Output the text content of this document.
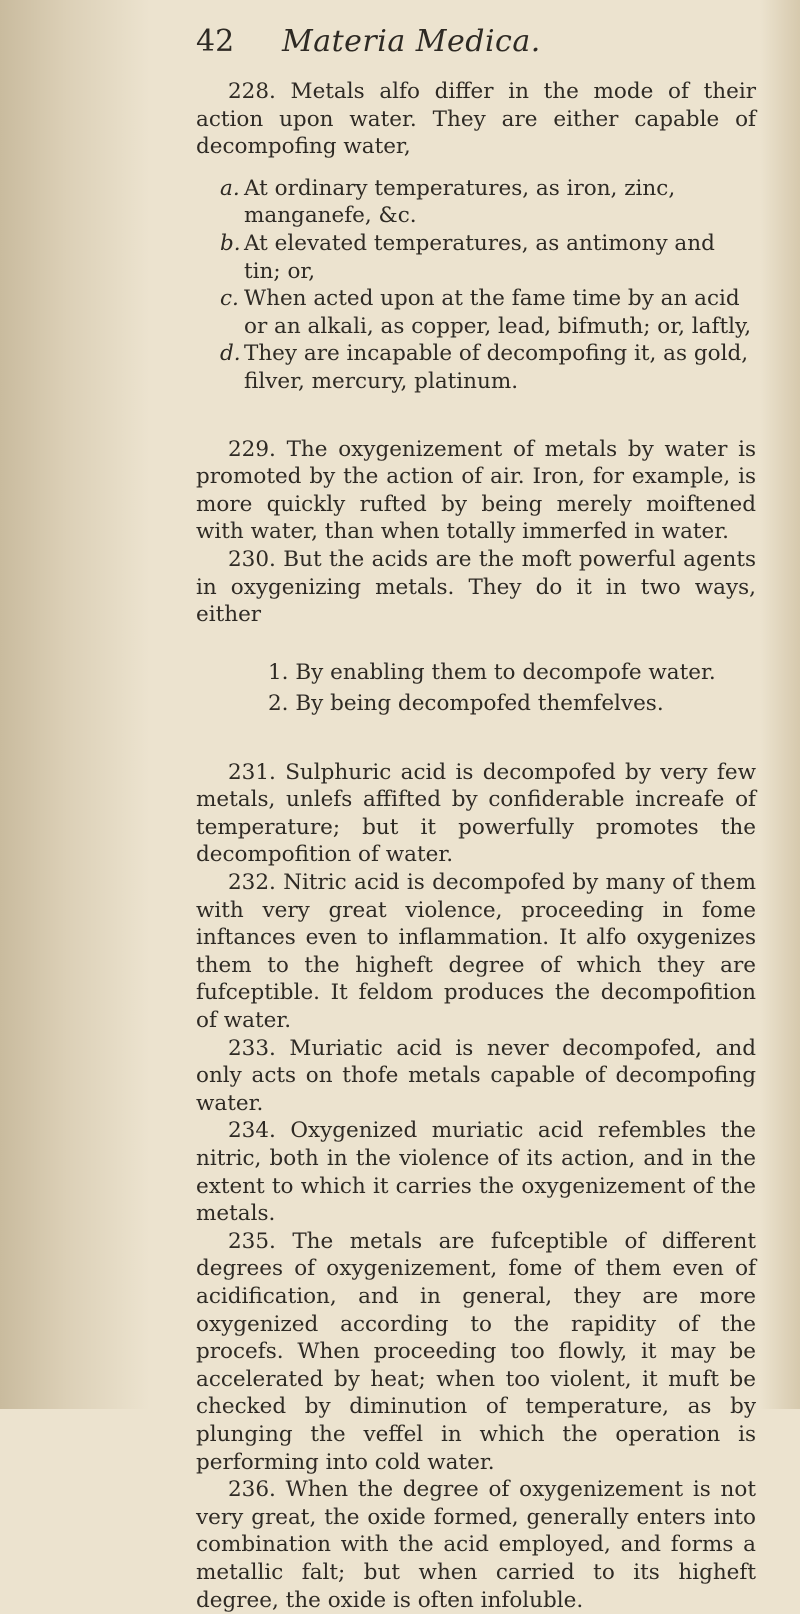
42	Materia Medica.

228. Metals alfo differ in the mode of their action upon water. They are either capable of decompofing water,

a. At ordinary temperatures, as iron, zinc, manganefe, &c.
b. At elevated temperatures, as antimony and tin; or,
c. When acted upon at the fame time by an acid or an alkali, as copper, lead, bifmuth; or, laftly,
d. They are incapable of decompofing it, as gold, filver, mercury, platinum.

229. The oxygenizement of metals by water is promoted by the action of air. Iron, for example, is more quickly rufted by being merely moiftened with water, than when totally immerfed in water.

230. But the acids are the moft powerful agents in oxygenizing metals. They do it in two ways, either

1. By enabling them to decompofe water.
2. By being decompofed themfelves.

231. Sulphuric acid is decompofed by very few metals, unlefs affifted by confiderable increafe of temperature; but it powerfully promotes the decompofition of water.

232. Nitric acid is decompofed by many of them with very great violence, proceeding in fome inftances even to inflammation. It alfo oxygenizes them to the higheft degree of which they are fufceptible. It feldom produces the decompofition of water.

233. Muriatic acid is never decompofed, and only acts on thofe metals capable of decompofing water.

234. Oxygenized muriatic acid refembles the nitric, both in the violence of its action, and in the extent to which it carries the oxygenizement of the metals.

235. The metals are fufceptible of different degrees of oxygenizement, fome of them even of acidification, and in general, they are more oxygenized according to the rapidity of the procefs. When proceeding too flowly, it may be accelerated by heat; when too violent, it muft be checked by diminution of temperature, as by plunging the veffel in which the operation is performing into cold water.

236. When the degree of oxygenizement is not very great, the oxide formed, generally enters into combination with the acid employed, and forms a metallic falt; but when carried to its higheft degree, the oxide is often infoluble.
